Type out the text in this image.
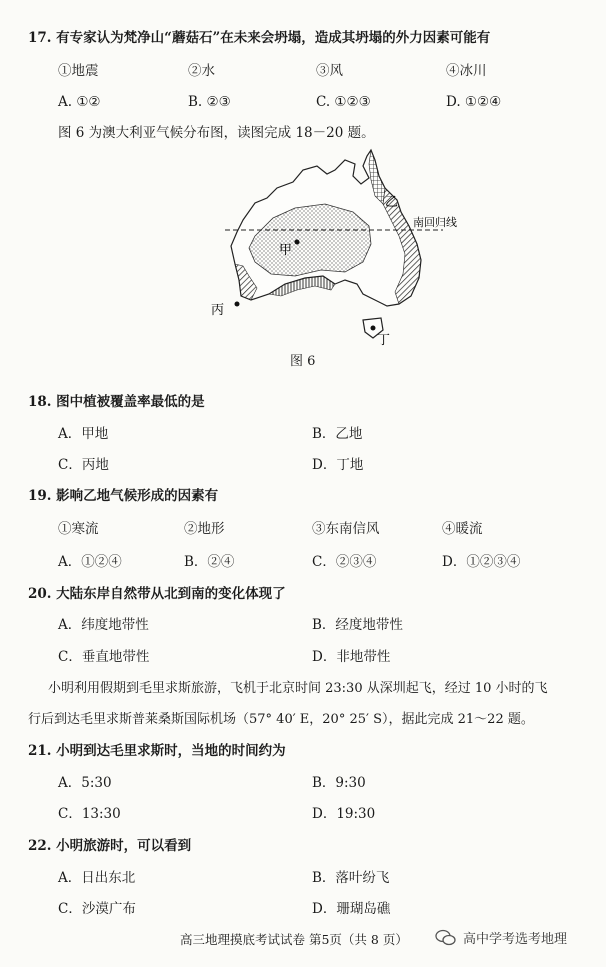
17. 有专家认为梵净山“蘑菇石”在未来会坍塌，造成其坍塌的外力因素可能有
①地震	②水	③风	④冰川
A. ①②	B. ②③	C. ①②③	D. ①②④
图 6 为澳大利亚气候分布图，读图完成 18－20 题。
甲
乙
丙
丁
南回归线
图 6
18. 图中植被覆盖率最低的是
A．甲地	B．乙地
C．丙地	D．丁地
19. 影响乙地气候形成的因素有
①寒流	②地形	③东南信风	④暖流
A．①②④	B．②④	C．②③④	D．①②③④
20. 大陆东岸自然带从北到南的变化体现了
A．纬度地带性	B．经度地带性
C．垂直地带性	D．非地带性
小明利用假期到毛里求斯旅游，飞机于北京时间 23:30 从深圳起飞，经过 10 小时的飞
行后到达毛里求斯普莱桑斯国际机场（57° 40′ E，20° 25′ S），据此完成 21～22 题。
21. 小明到达毛里求斯时，当地的时间约为
A．5:30	B．9:30
C．13:30	D．19:30
22. 小明旅游时，可以看到
A．日出东北	B．落叶纷飞
C．沙漠广布	D．珊瑚岛礁
高三地理摸底考试试卷 第5页（共 8 页）	高中学考选考地理
